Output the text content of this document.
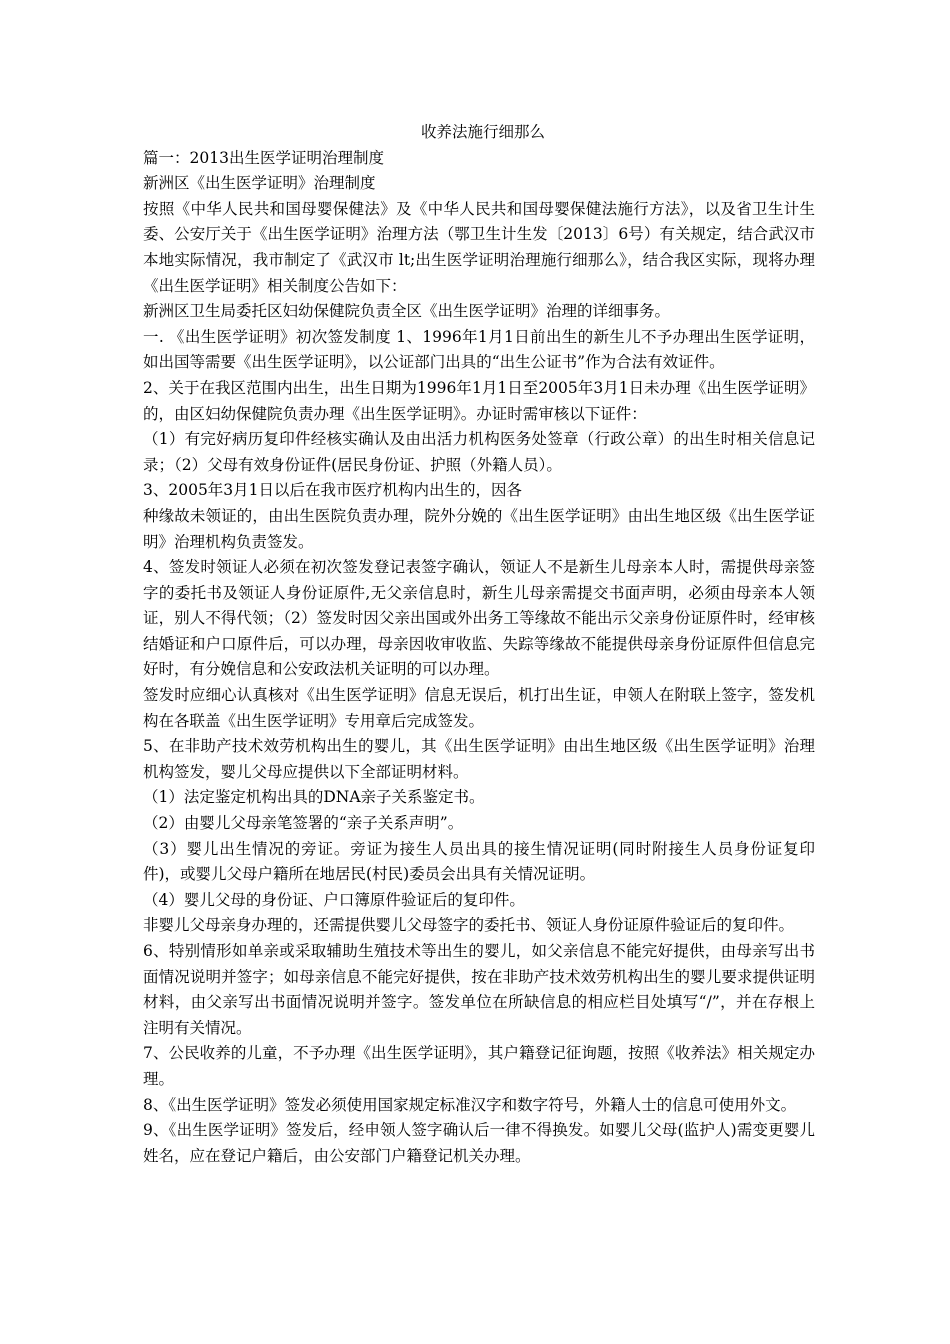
收养法施行细那么

篇一：2013出生医学证明治理制度

新洲区《出生医学证明》治理制度

按照《中华人民共和国母婴保健法》及《中华人民共和国母婴保健法施行方法》，以及省卫生计生委、公安厅关于《出生医学证明》治理方法（鄂卫生计生发〔2013〕6号）有关规定，结合武汉市本地实际情况，我市制定了《武汉市 lt;出生医学证明治理施行细那么》，结合我区实际，现将办理《出生医学证明》相关制度公告如下：

新洲区卫生局委托区妇幼保健院负责全区《出生医学证明》治理的详细事务。

一. 《出生医学证明》初次签发制度 1、1996年1月1日前出生的新生儿不予办理出生医学证明，如出国等需要《出生医学证明》，以公证部门出具的“出生公证书”作为合法有效证件。

2、关于在我区范围内出生，出生日期为1996年1月1日至2005年3月1日未办理《出生医学证明》的，由区妇幼保健院负责办理《出生医学证明》。办证时需审核以下证件：

（1）有完好病历复印件经核实确认及由出活力机构医务处签章（行政公章）的出生时相关信息记录；（2）父母有效身份证件(居民身份证、护照（外籍人员）。

3、2005年3月1日以后在我市医疗机构内出生的，因各

种缘故未领证的，由出生医院负责办理，院外分娩的《出生医学证明》由出生地区级《出生医学证明》治理机构负责签发。

4、签发时领证人必须在初次签发登记表签字确认，领证人不是新生儿母亲本人时，需提供母亲签字的委托书及领证人身份证原件,无父亲信息时，新生儿母亲需提交书面声明，必须由母亲本人领证，别人不得代领；（2）签发时因父亲出国或外出务工等缘故不能出示父亲身份证原件时，经审核结婚证和户口原件后，可以办理，母亲因收审收监、失踪等缘故不能提供母亲身份证原件但信息完好时，有分娩信息和公安政法机关证明的可以办理。

签发时应细心认真核对《出生医学证明》信息无误后，机打出生证，申领人在附联上签字，签发机构在各联盖《出生医学证明》专用章后完成签发。

5、在非助产技术效劳机构出生的婴儿，其《出生医学证明》由出生地区级《出生医学证明》治理机构签发，婴儿父母应提供以下全部证明材料。

（1）法定鉴定机构出具的DNA亲子关系鉴定书。

（2）由婴儿父母亲笔签署的“亲子关系声明”。

（3）婴儿出生情况的旁证。旁证为接生人员出具的接生情况证明(同时附接生人员身份证复印件)，或婴儿父母户籍所在地居民(村民)委员会出具有关情况证明。

（4）婴儿父母的身份证、户口簿原件验证后的复印件。

非婴儿父母亲身办理的，还需提供婴儿父母签字的委托书、领证人身份证原件验证后的复印件。

6、特别情形如单亲或采取辅助生殖技术等出生的婴儿，如父亲信息不能完好提供，由母亲写出书面情况说明并签字；如母亲信息不能完好提供，按在非助产技术效劳机构出生的婴儿要求提供证明材料，由父亲写出书面情况说明并签字。签发单位在所缺信息的相应栏目处填写“/”，并在存根上注明有关情况。

7、公民收养的儿童，不予办理《出生医学证明》，其户籍登记征询题，按照《收养法》相关规定办理。

8、《出生医学证明》签发必须使用国家规定标准汉字和数字符号，外籍人士的信息可使用外文。

9、《出生医学证明》签发后，经申领人签字确认后一律不得换发。如婴儿父母(监护人)需变更婴儿姓名，应在登记户籍后，由公安部门户籍登记机关办理。
